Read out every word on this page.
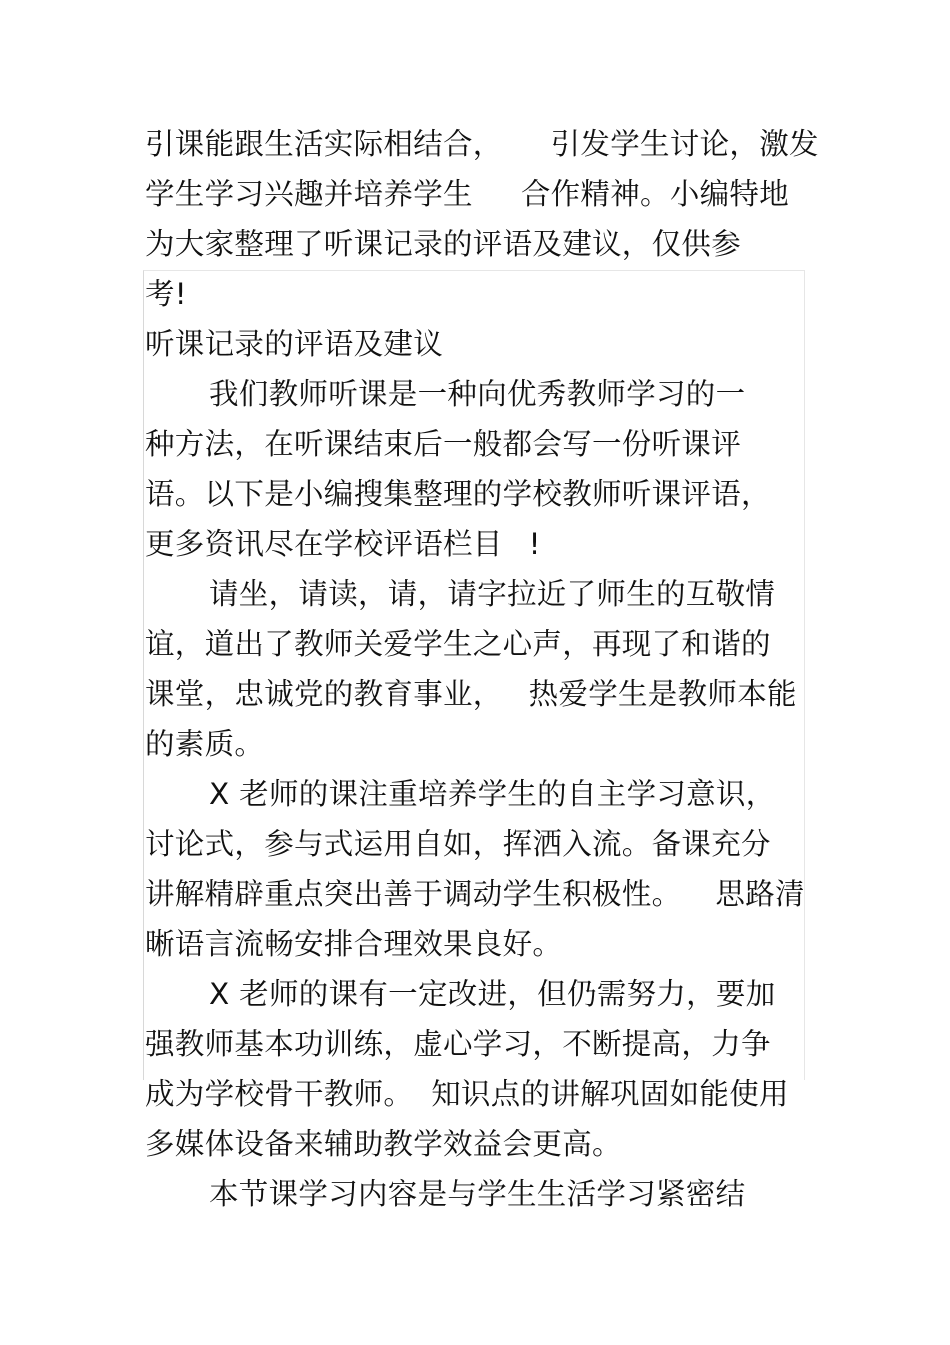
引课能跟生活实际相结合， 引发学生讨论，激发
学生学习兴趣并培养学生 合作精神。小编特地
为大家整理了听课记录的评语及建议，仅供参
考!
听课记录的评语及建议
我们教师听课是一种向优秀教师学习的一
种方法，在听课结束后一般都会写一份听课评
语。以下是小编搜集整理的学校教师听课评语，
更多资讯尽在学校评语栏目 !
请坐，请读，请，请字拉近了师生的互敬情
谊，道出了教师关爱学生之心声，再现了和谐的
课堂，忠诚党的教育事业， 热爱学生是教师本能
的素质。
X 老师的课注重培养学生的自主学习意识，
讨论式，参与式运用自如，挥洒入流。备课充分
讲解精辟重点突出善于调动学生积极性。 思路清
晰语言流畅安排合理效果良好。
X 老师的课有一定改进，但仍需努力，要加
强教师基本功训练，虚心学习，不断提高，力争
成为学校骨干教师。 知识点的讲解巩固如能使用
多媒体设备来辅助教学效益会更高。
本节课学习内容是与学生生活学习紧密结
